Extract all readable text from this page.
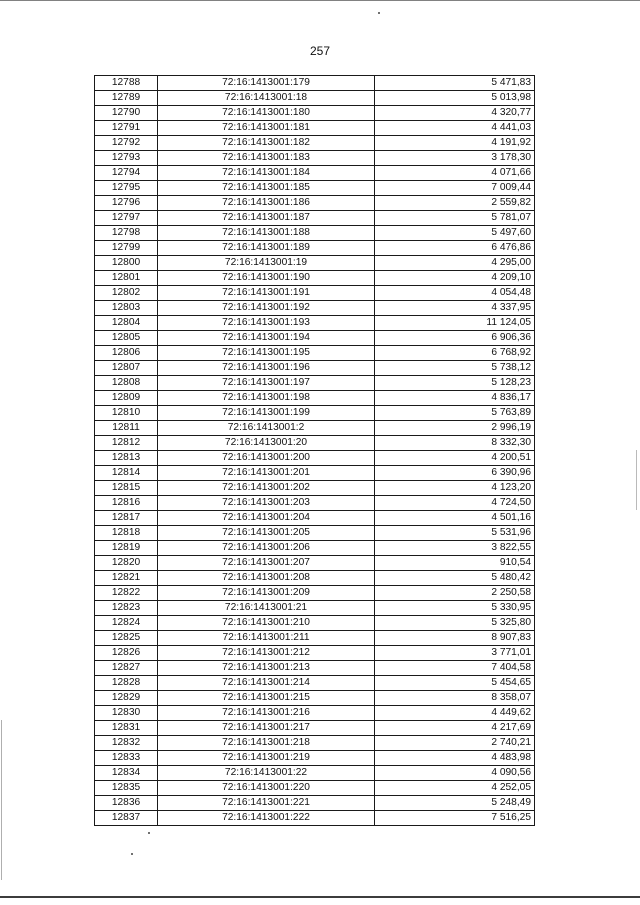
257
12788	72:16:1413001:179	5 471,83
12789	72:16:1413001:18	5 013,98
12790	72:16:1413001:180	4 320,77
12791	72:16:1413001:181	4 441,03
12792	72:16:1413001:182	4 191,92
12793	72:16:1413001:183	3 178,30
12794	72:16:1413001:184	4 071,66
12795	72:16:1413001:185	7 009,44
12796	72:16:1413001:186	2 559,82
12797	72:16:1413001:187	5 781,07
12798	72:16:1413001:188	5 497,60
12799	72:16:1413001:189	6 476,86
12800	72:16:1413001:19	4 295,00
12801	72:16:1413001:190	4 209,10
12802	72:16:1413001:191	4 054,48
12803	72:16:1413001:192	4 337,95
12804	72:16:1413001:193	11 124,05
12805	72:16:1413001:194	6 906,36
12806	72:16:1413001:195	6 768,92
12807	72:16:1413001:196	5 738,12
12808	72:16:1413001:197	5 128,23
12809	72:16:1413001:198	4 836,17
12810	72:16:1413001:199	5 763,89
12811	72:16:1413001:2	2 996,19
12812	72:16:1413001:20	8 332,30
12813	72:16:1413001:200	4 200,51
12814	72:16:1413001:201	6 390,96
12815	72:16:1413001:202	4 123,20
12816	72:16:1413001:203	4 724,50
12817	72:16:1413001:204	4 501,16
12818	72:16:1413001:205	5 531,96
12819	72:16:1413001:206	3 822,55
12820	72:16:1413001:207	910,54
12821	72:16:1413001:208	5 480,42
12822	72:16:1413001:209	2 250,58
12823	72:16:1413001:21	5 330,95
12824	72:16:1413001:210	5 325,80
12825	72:16:1413001:211	8 907,83
12826	72:16:1413001:212	3 771,01
12827	72:16:1413001:213	7 404,58
12828	72:16:1413001:214	5 454,65
12829	72:16:1413001:215	8 358,07
12830	72:16:1413001:216	4 449,62
12831	72:16:1413001:217	4 217,69
12832	72:16:1413001:218	2 740,21
12833	72:16:1413001:219	4 483,98
12834	72:16:1413001:22	4 090,56
12835	72:16:1413001:220	4 252,05
12836	72:16:1413001:221	5 248,49
12837	72:16:1413001:222	7 516,25
